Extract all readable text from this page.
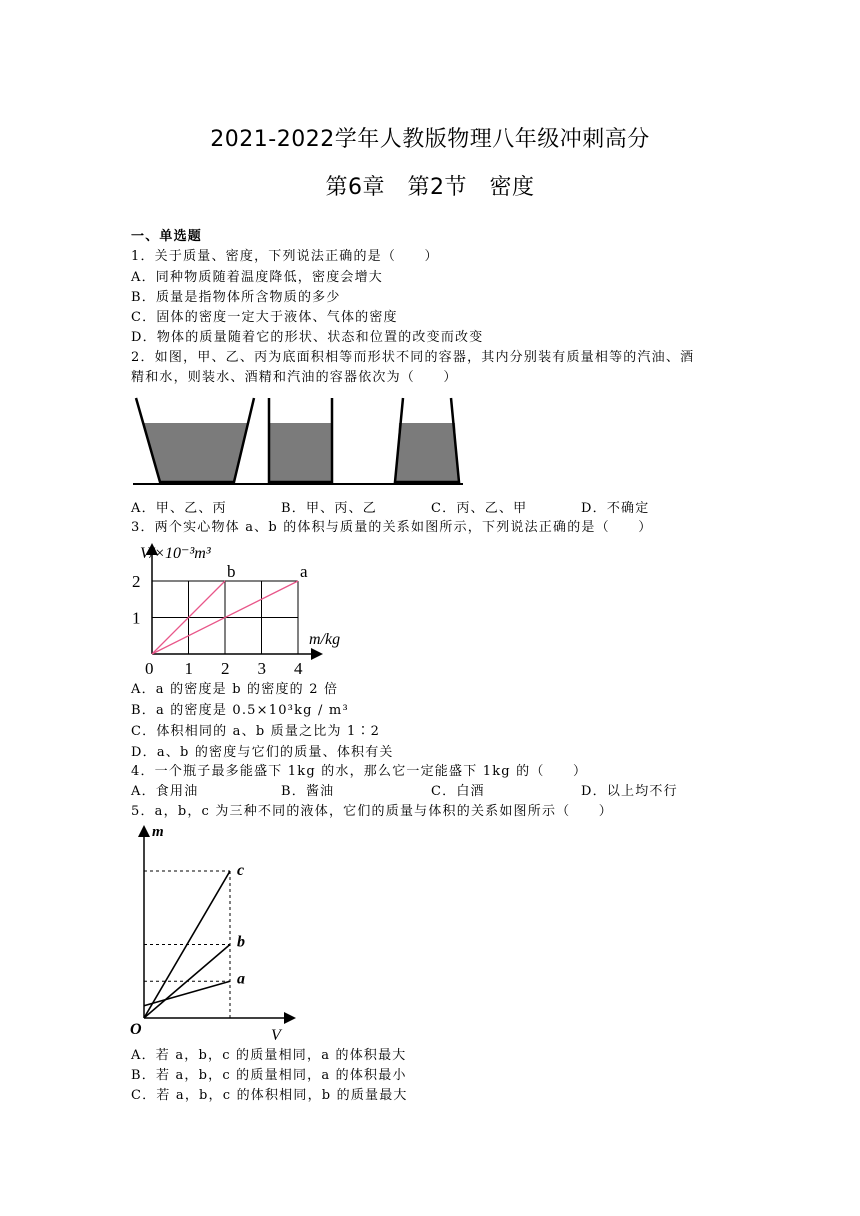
2021-2022学年人教版物理八年级冲刺高分
第6章　第2节　密度
一、单选题
1．关于质量、密度，下列说法正确的是（　　）
A．同种物质随着温度降低，密度会增大
B．质量是指物体所含物质的多少
C．固体的密度一定大于液体、气体的密度
D．物体的质量随着它的形状、状态和位置的改变而改变
2．如图，甲、乙、丙为底面积相等而形状不同的容器，其内分别装有质量相等的汽油、酒
精和水，则装水、酒精和汽油的容器依次为（　　）
A．甲、乙、丙	B．甲、丙、乙	C．丙、乙、甲	D．不确定
3．两个实心物体 a、b 的体积与质量的关系如图所示，下列说法正确的是（　　）
a
b
0 1 2 3 4
1
2
V/×10⁻³m³
m/kg
A．a 的密度是 b 的密度的 2 倍
B．a 的密度是 0.5×10³kg / m³
C．体积相同的 a、b 质量之比为 1∶2
D．a、b 的密度与它们的质量、体积有关
4．一个瓶子最多能盛下 1kg 的水，那么它一定能盛下 1kg 的（　　）
A．食用油	B．酱油	C．白酒	D．以上均不行
5．a，b，c 为三种不同的液体，它们的质量与体积的关系如图所示（　　）
a
b
c
m
V
O
A．若 a，b，c 的质量相同，a 的体积最大
B．若 a，b，c 的质量相同，a 的体积最小
C．若 a，b，c 的体积相同，b 的质量最大
